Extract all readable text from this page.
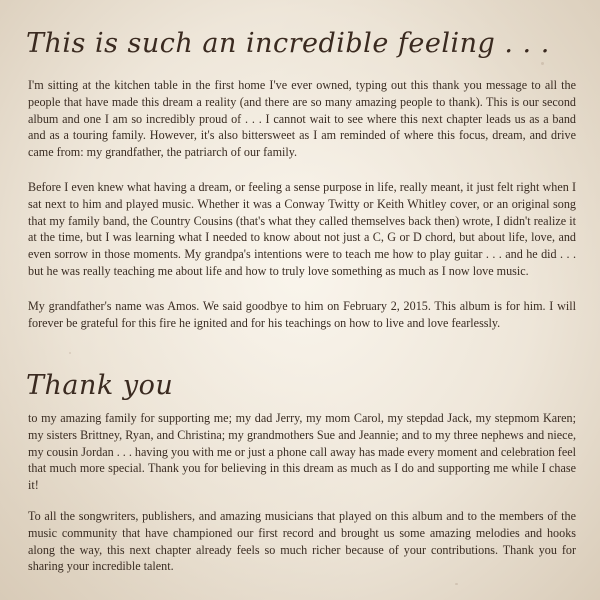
This is such an incredible feeling . . .

I'm sitting at the kitchen table in the first home I've ever owned, typing out this thank you message to all the people that have made this dream a reality (and there are so many amazing people to thank). This is our second album and one I am so incredibly proud of . . . I cannot wait to see where this next chapter leads us as a band and as a touring family. However, it's also bittersweet as I am reminded of where this focus, dream, and drive came from: my grandfather, the patriarch of our family.

Before I even knew what having a dream, or feeling a sense purpose in life, really meant, it just felt right when I sat next to him and played music. Whether it was a Conway Twitty or Keith Whitley cover, or an original song that my family band, the Country Cousins (that's what they called themselves back then) wrote, I didn't realize it at the time, but I was learning what I needed to know about not just a C, G or D chord, but about life, love, and even sorrow in those moments. My grandpa's intentions were to teach me how to play guitar . . . and he did . . . but he was really teaching me about life and how to truly love something as much as I now love music.

My grandfather's name was Amos. We said goodbye to him on February 2, 2015. This album is for him. I will forever be grateful for this fire he ignited and for his teachings on how to live and love fearlessly.

Thank you

to my amazing family for supporting me; my dad Jerry, my mom Carol, my stepdad Jack, my stepmom Karen; my sisters Brittney, Ryan, and Christina; my grandmothers Sue and Jeannie; and to my three nephews and niece, my cousin Jordan . . . having you with me or just a phone call away has made every moment and celebration feel that much more special. Thank you for believing in this dream as much as I do and supporting me while I chase it!

To all the songwriters, publishers, and amazing musicians that played on this album and to the members of the music community that have championed our first record and brought us some amazing melodies and hooks along the way, this next chapter already feels so much richer because of your contributions. Thank you for sharing your incredible talent.
